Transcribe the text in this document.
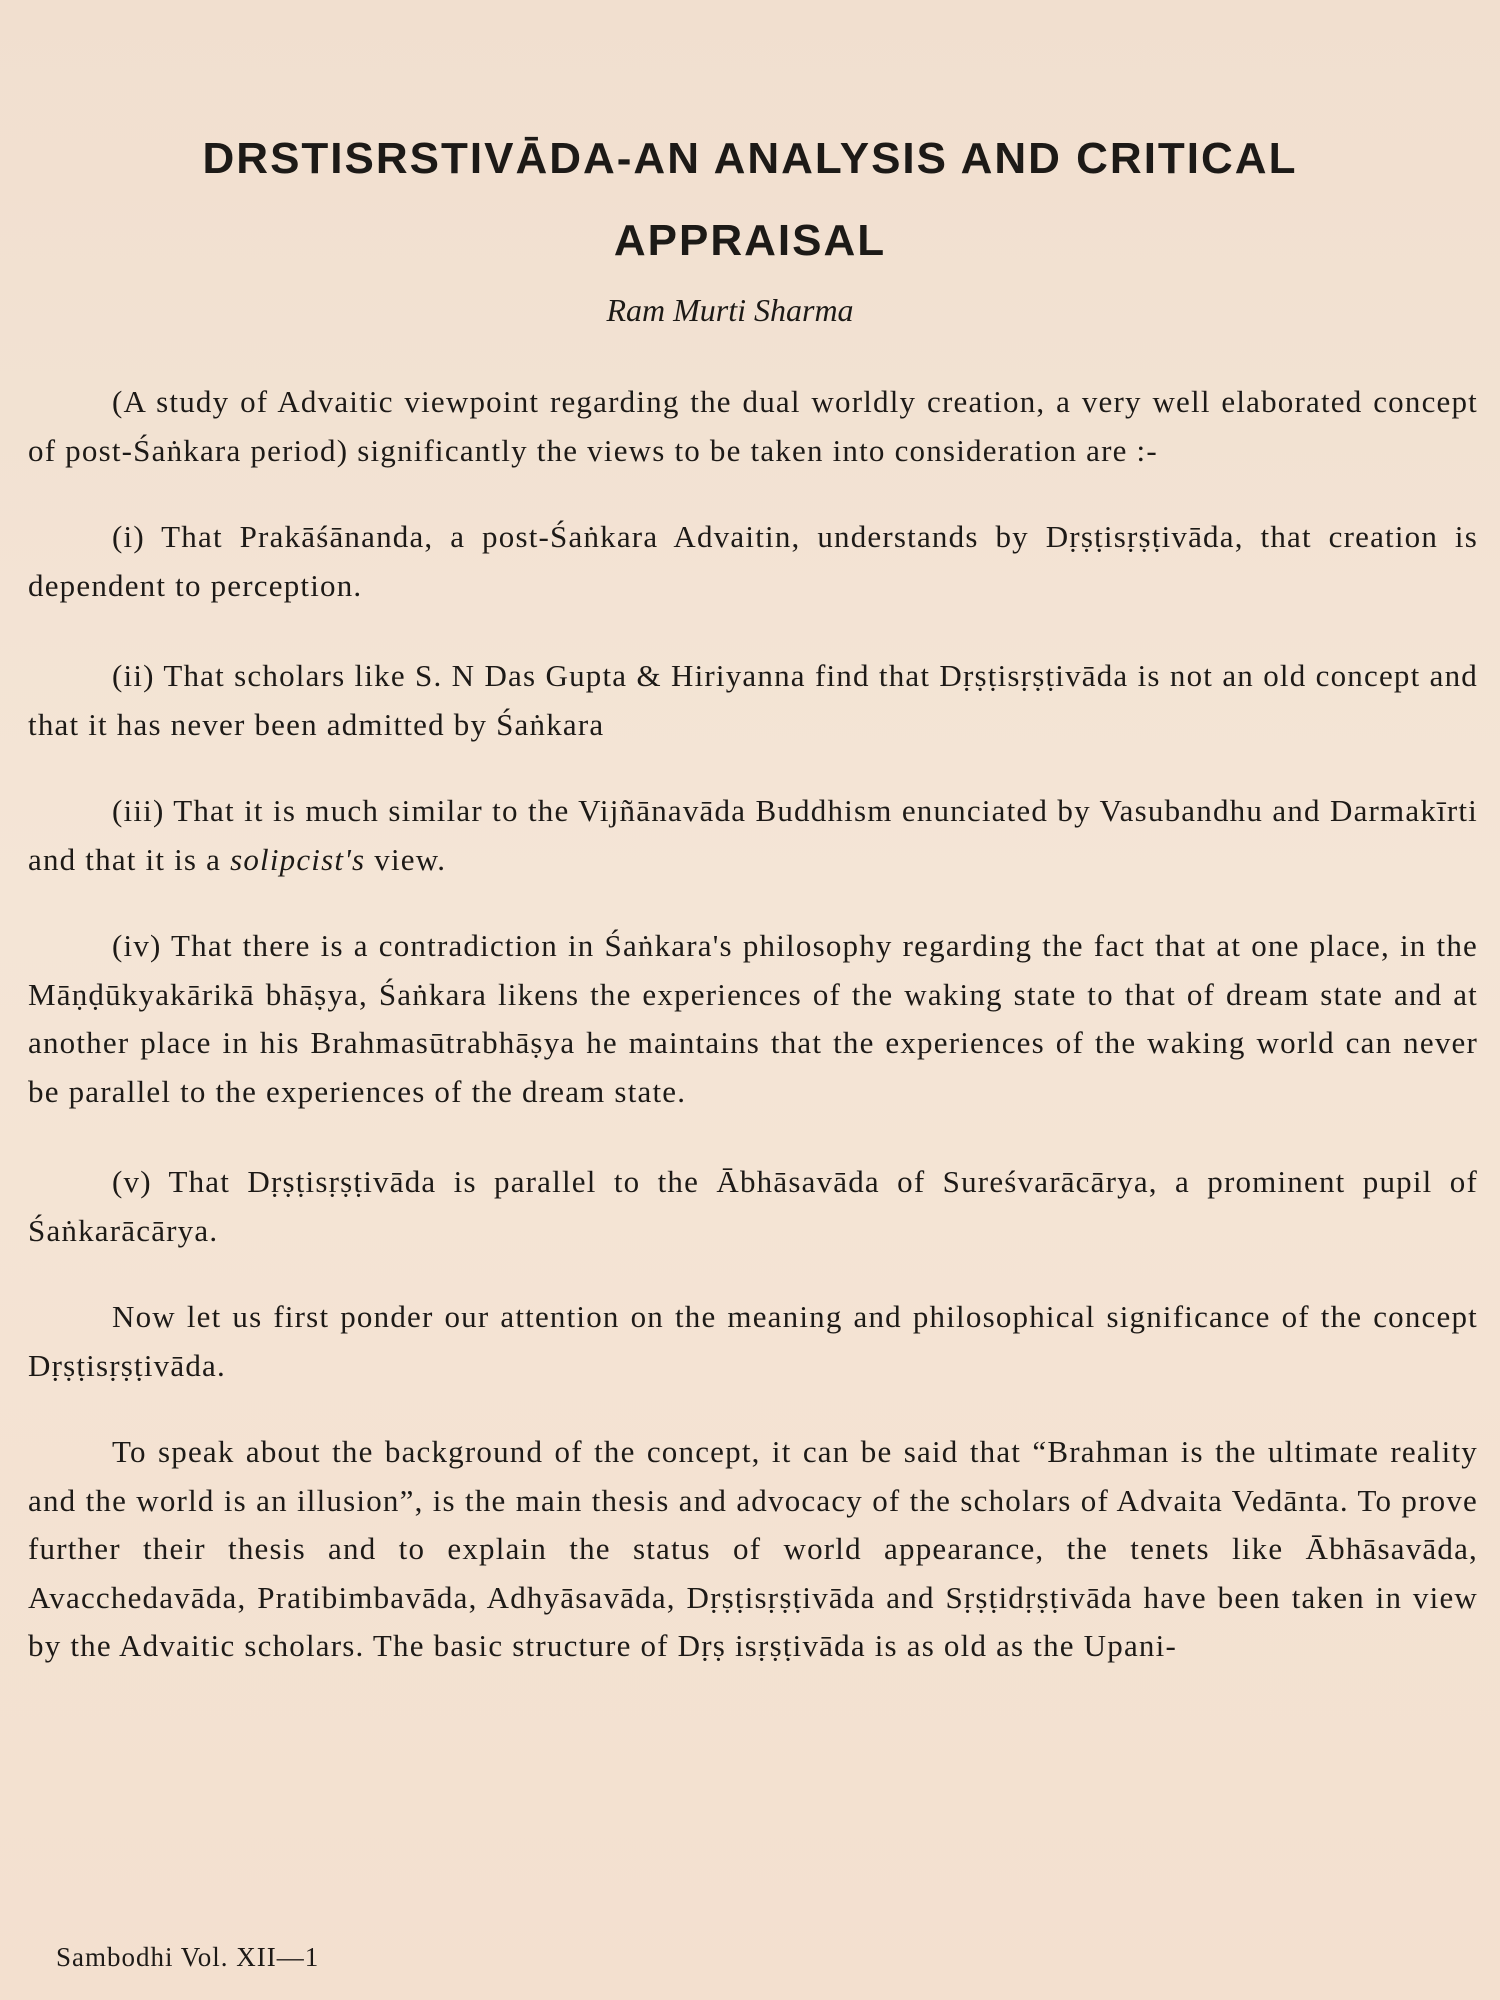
DRSTISRSTIVĀDA-AN ANALYSIS AND CRITICAL
APPRAISAL
Ram Murti Sharma

(A study of Advaitic viewpoint regarding the dual worldly creation, a very well elaborated concept of post-Śaṅkara period) significantly the views to be taken into consideration are :-

(i) That Prakāśānanda, a post-Śaṅkara Advaitin, understands by Dṛṣṭisṛṣṭivāda, that creation is dependent to perception.

(ii) That scholars like S. N Das Gupta & Hiriyanna find that Dṛṣṭisṛṣṭivāda is not an old concept and that it has never been admitted by Śaṅkara

(iii) That it is much similar to the Vijñānavāda Buddhism enunciated by Vasubandhu and Darmakīrti and that it is a solipcist's view.

(iv) That there is a contradiction in Śaṅkara's philosophy regarding the fact that at one place, in the Māṇḍūkyakārikā bhāṣya, Śaṅkara likens the experiences of the waking state to that of dream state and at another place in his Brahmasūtrabhāṣya he maintains that the experiences of the waking world can never be parallel to the experiences of the dream state.

(v) That Dṛṣṭisṛṣṭivāda is parallel to the Ābhāsavāda of Sureśvarācārya, a prominent pupil of Śaṅkarācārya.

Now let us first ponder our attention on the meaning and philosophical significance of the concept Dṛṣṭisṛṣṭivāda.

To speak about the background of the concept, it can be said that “Brahman is the ultimate reality and the world is an illusion”, is the main thesis and advocacy of the scholars of Advaita Vedānta. To prove further their thesis and to explain the status of world appearance, the tenets like Ābhāsavāda, Avacchedavāda, Pratibimbavāda, Adhyāsavāda, Dṛṣṭisṛṣṭivāda and Sṛṣṭidṛṣṭivāda have been taken in view by the Advaitic scholars. The basic structure of Dṛṣ isṛṣṭivāda is as old as the Upani-

Sambodhi Vol. XII—1
